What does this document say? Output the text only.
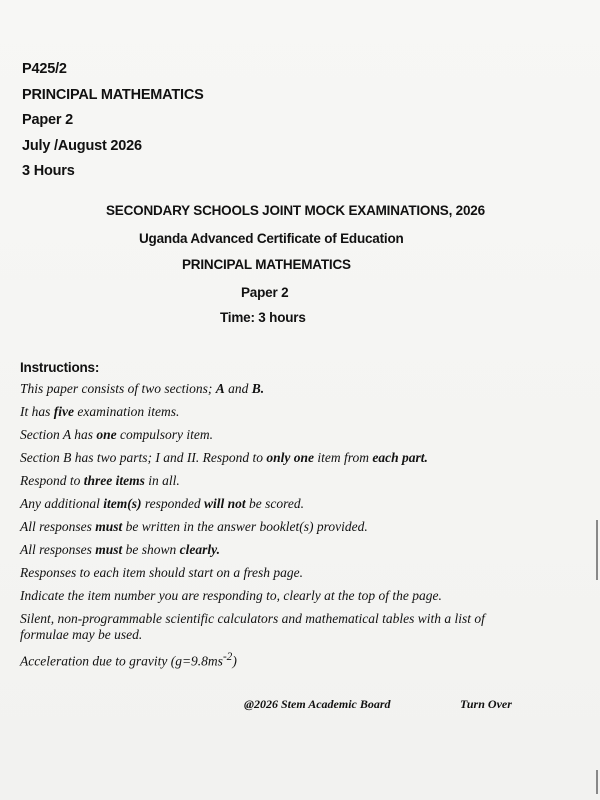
P425/2
PRINCIPAL MATHEMATICS
Paper 2
July /August 2026
3 Hours
SECONDARY SCHOOLS JOINT MOCK EXAMINATIONS, 2026
Uganda Advanced Certificate of Education
PRINCIPAL MATHEMATICS
Paper 2
Time: 3 hours
Instructions:
This paper consists of two sections; A and B.
It has five examination items.
Section A has one compulsory item.
Section B has two parts; I and II. Respond to only one item from each part.
Respond to three items in all.
Any additional item(s) responded will not be scored.
All responses must be written in the answer booklet(s) provided.
All responses must be shown clearly.
Responses to each item should start on a fresh page.
Indicate the item number you are responding to, clearly at the top of the page.
Silent, non-programmable scientific calculators and mathematical tables with a list of formulae may be used.
Acceleration due to gravity $(g=9.8ms^{-2})$
@2026 Stem Academic Board	Turn Over
